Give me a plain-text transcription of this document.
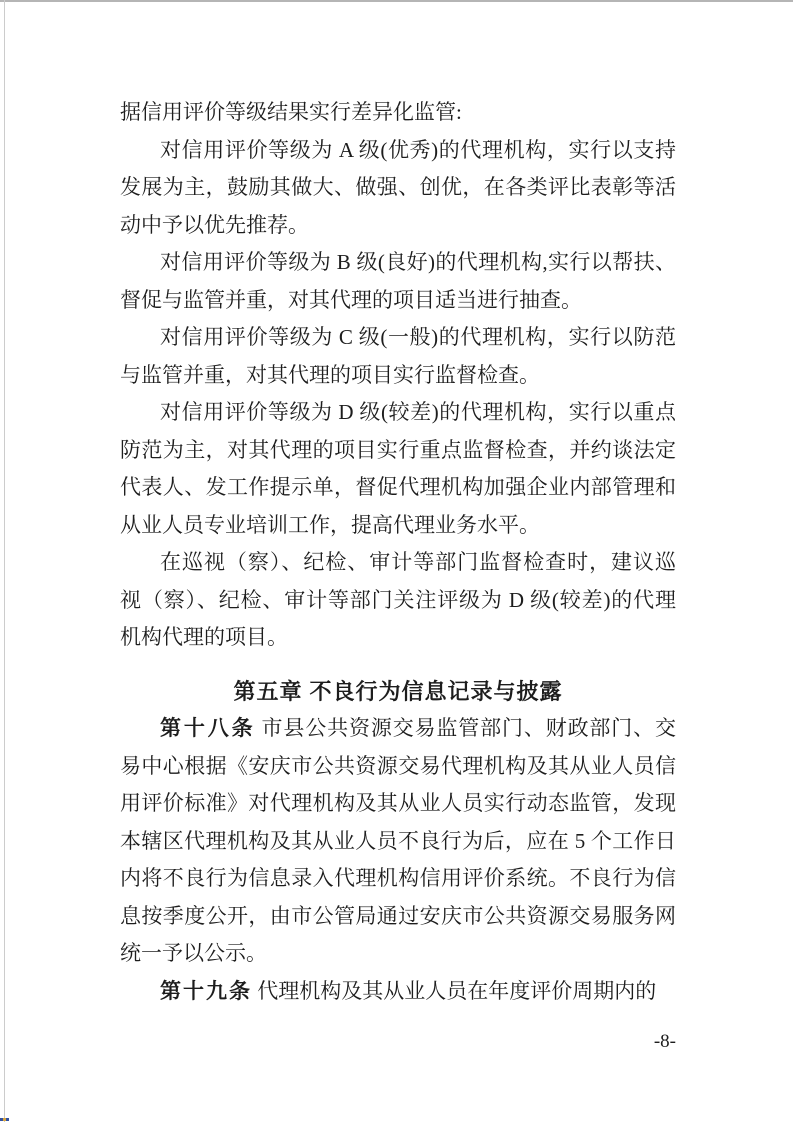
据信用评价等级结果实行差异化监管:
对信用评价等级为 A 级(优秀)的代理机构，实行以支持
发展为主，鼓励其做大、做强、创优，在各类评比表彰等活
动中予以优先推荐。
对信用评价等级为 B 级(良好)的代理机构,实行以帮扶、
督促与监管并重，对其代理的项目适当进行抽查。
对信用评价等级为 C 级(一般)的代理机构，实行以防范
与监管并重，对其代理的项目实行监督检查。
对信用评价等级为 D 级(较差)的代理机构，实行以重点
防范为主，对其代理的项目实行重点监督检查，并约谈法定
代表人、发工作提示单，督促代理机构加强企业内部管理和
从业人员专业培训工作，提高代理业务水平。
在巡视（察）、纪检、审计等部门监督检查时，建议巡
视（察）、纪检、审计等部门关注评级为 D 级(较差)的代理
机构代理的项目。
第五章 不良行为信息记录与披露
第十八条 市县公共资源交易监管部门、财政部门、交
易中心根据《安庆市公共资源交易代理机构及其从业人员信
用评价标准》对代理机构及其从业人员实行动态监管，发现
本辖区代理机构及其从业人员不良行为后，应在 5 个工作日
内将不良行为信息录入代理机构信用评价系统。不良行为信
息按季度公开，由市公管局通过安庆市公共资源交易服务网
统一予以公示。
第十九条 代理机构及其从业人员在年度评价周期内的
-8-
